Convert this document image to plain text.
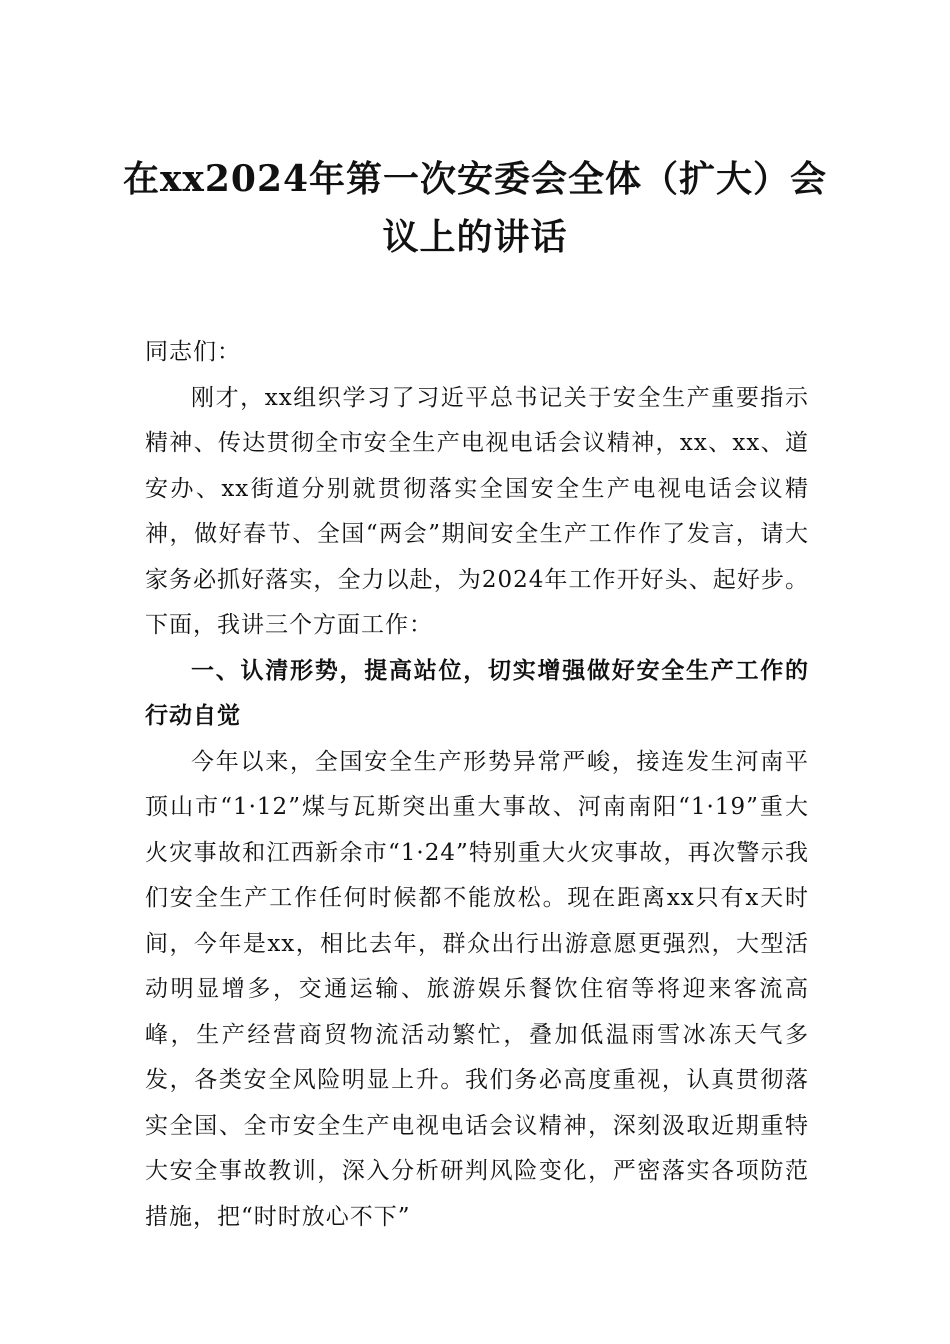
在xx2024年第一次安委会全体（扩大）会议上的讲话

同志们：

刚才，xx组织学习了习近平总书记关于安全生产重要指示精神、传达贯彻全市安全生产电视电话会议精神，xx、xx、道安办、xx街道分别就贯彻落实全国安全生产电视电话会议精神，做好春节、全国“两会”期间安全生产工作作了发言，请大家务必抓好落实，全力以赴，为2024年工作开好头、起好步。下面，我讲三个方面工作：

一、认清形势，提高站位，切实增强做好安全生产工作的行动自觉

今年以来，全国安全生产形势异常严峻，接连发生河南平顶山市“1·12”煤与瓦斯突出重大事故、河南南阳“1·19”重大火灾事故和江西新余市“1·24”特别重大火灾事故，再次警示我们安全生产工作任何时候都不能放松。现在距离xx只有x天时间，今年是xx，相比去年，群众出行出游意愿更强烈，大型活动明显增多，交通运输、旅游娱乐餐饮住宿等将迎来客流高峰，生产经营商贸物流活动繁忙，叠加低温雨雪冰冻天气多发，各类安全风险明显上升。我们务必高度重视，认真贯彻落实全国、全市安全生产电视电话会议精神，深刻汲取近期重特大安全事故教训，深入分析研判风险变化，严密落实各项防范措施，把“时时放心不下”
